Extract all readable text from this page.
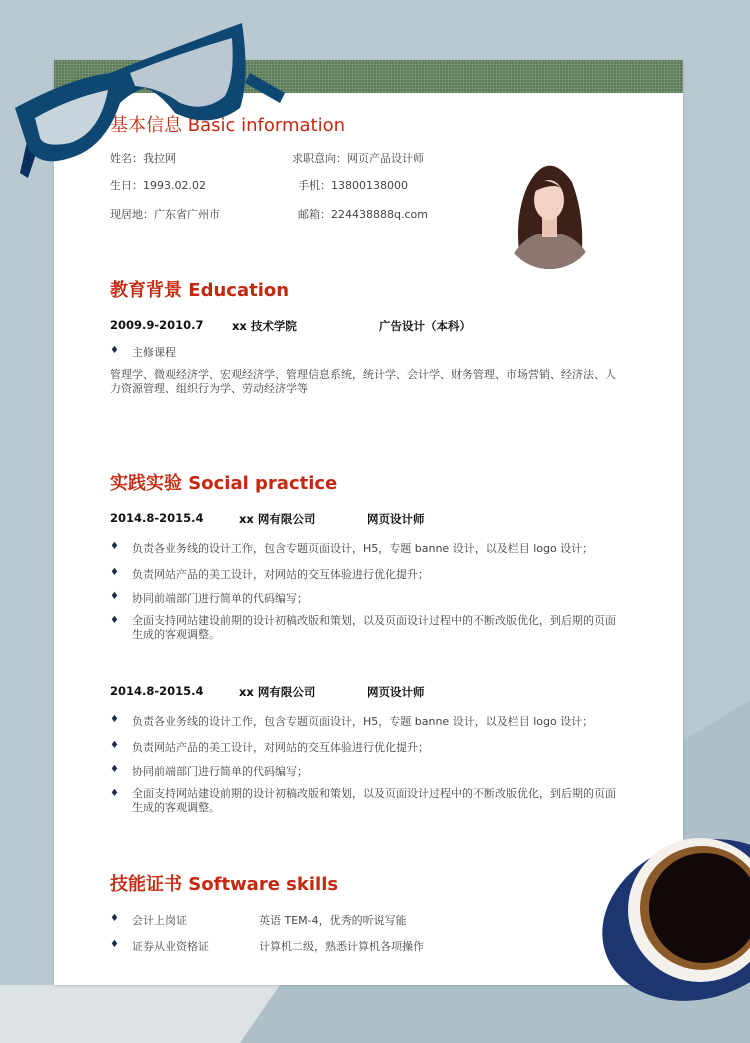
基本信息 Basic information
姓名：我拉网	求职意向：网页产品设计师
生日：1993.02.02	手机：13800138000
现居地：广东省广州市	邮箱：224438888q.com
教育背景 Education
2009.9-2010.7 xx 技术学院	广告设计（本科）
♦ 主修课程
管理学、微观经济学、宏观经济学、管理信息系统，统计学、会计学、财务管理、市场营销、经济法、人力资源管理、组织行为学、劳动经济学等
实践实验 Social practice
2014.8-2015.4	xx 网有限公司	网页设计师
♦ 负责各业务线的设计工作，包含专题页面设计，H5，专题 banne 设计，以及栏目 logo 设计；
♦ 负责网站产品的美工设计，对网站的交互体验进行优化提升；
♦ 协同前端部门进行简单的代码编写；
♦ 全面支持网站建设前期的设计初稿改版和策划，以及页面设计过程中的不断改版优化，到后期的页面生成的客观调整。
2014.8-2015.4	xx 网有限公司	网页设计师
♦ 负责各业务线的设计工作，包含专题页面设计，H5，专题 banne 设计，以及栏目 logo 设计；
♦ 负责网站产品的美工设计，对网站的交互体验进行优化提升；
♦ 协同前端部门进行简单的代码编写；
♦ 全面支持网站建设前期的设计初稿改版和策划，以及页面设计过程中的不断改版优化，到后期的页面生成的客观调整。
技能证书 Software skills
♦ 会计上岗证	英语 TEM-4，优秀的听说写能
♦ 证券从业资格证	计算机二级，熟悉计算机各项操作
